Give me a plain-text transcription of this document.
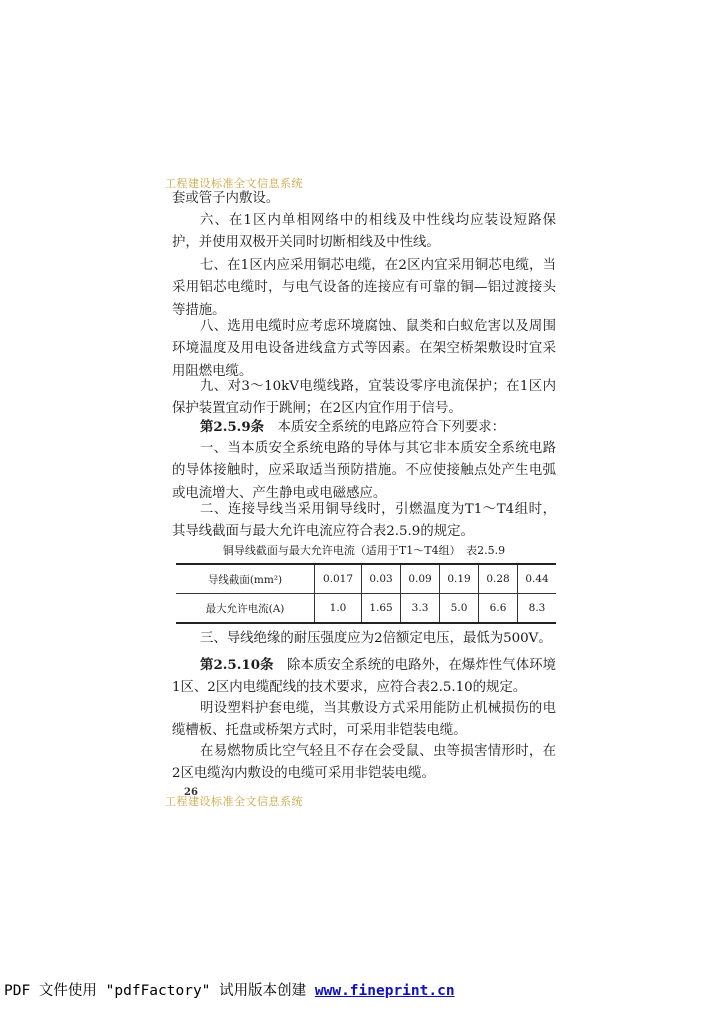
工程建设标准全文信息系统

套或管子内敷设。

六、在1区内单相网络中的相线及中性线均应装设短路保护，并使用双极开关同时切断相线及中性线。

七、在1区内应采用铜芯电缆，在2区内宜采用铜芯电缆，当采用铝芯电缆时，与电气设备的连接应有可靠的铜—铝过渡接头等措施。

八、选用电缆时应考虑环境腐蚀、鼠类和白蚁危害以及周围环境温度及用电设备进线盒方式等因素。在架空桥架敷设时宜采用阻燃电缆。

九、对3～10kV电缆线路，宜装设零序电流保护；在1区内保护装置宜动作于跳闸；在2区内宜作用于信号。

第2.5.9条　 本质安全系统的电路应符合下列要求：

一、当本质安全系统电路的导体与其它非本质安全系统电路的导体接触时，应采取适当预防措施。不应使接触点处产生电弧或电流增大、产生静电或电磁感应。

二、连接导线当采用铜导线时，引燃温度为T1～T4组时，其导线截面与最大允许电流应符合表2.5.9的规定。

铜导线截面与最大允许电流（适用于T1～T4组）　表2.5.9

导线截面(mm²)	0.017	0.03	0.09	0.19	0.28	0.44
最大允许电流(A)	1.0	1.65	3.3	5.0	6.6	8.3

三、导线绝缘的耐压强度应为2倍额定电压，最低为500V。

第2.5.10条　 除本质安全系统的电路外，在爆炸性气体环境1区、2区内电缆配线的技术要求，应符合表2.5.10的规定。

明设塑料护套电缆，当其敷设方式采用能防止机械损伤的电缆槽板、托盘或桥架方式时，可采用非铠装电缆。

在易燃物质比空气轻且不存在会受鼠、虫等损害情形时，在2区电缆沟内敷设的电缆可采用非铠装电缆。

26
工程建设标准全文信息系统
PDF 文件使用 "pdfFactory" 试用版本创建 www.fineprint.cn
